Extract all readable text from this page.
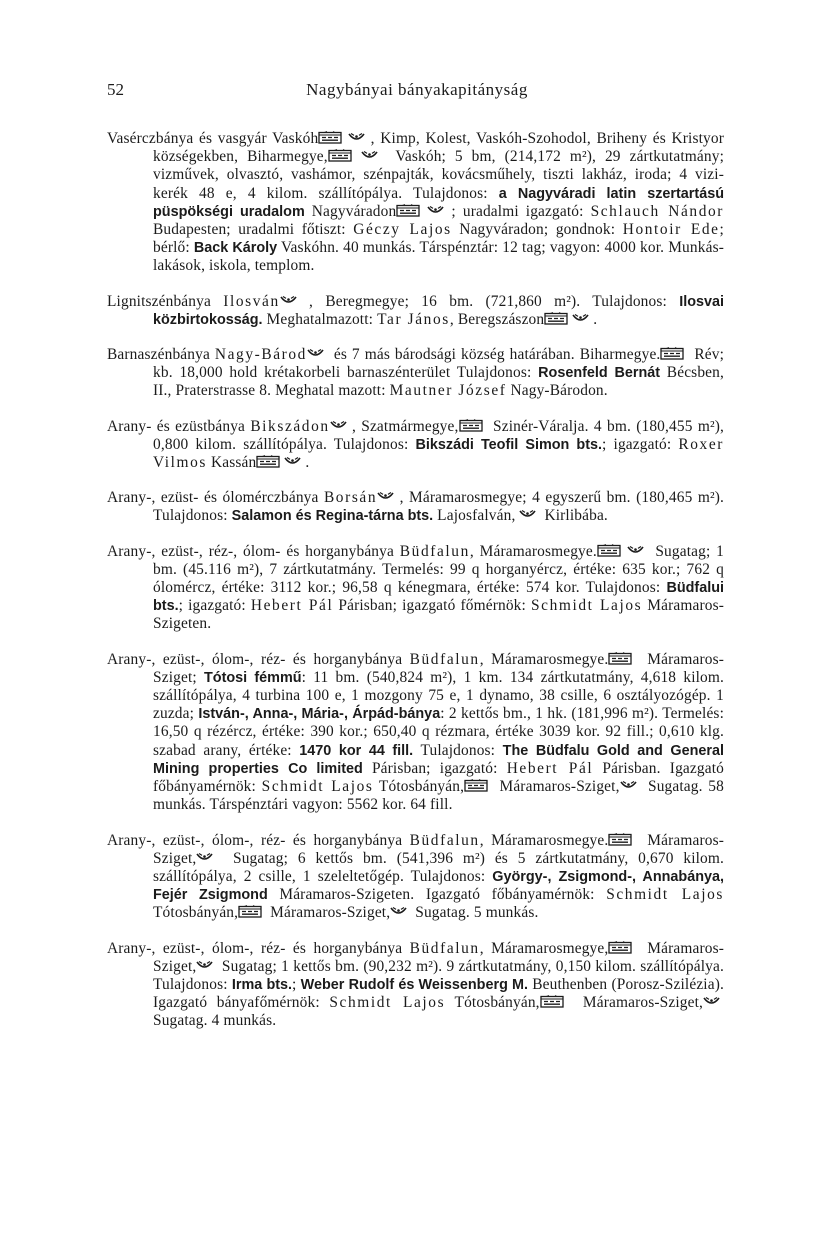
52	Nagybányai bányakapitányság

Vasérczbánya és vasgyár Vaskóh
	, Kimp, Kolest, Vaskóh-Szohodol, Briheny és Kristyor községekben, Biharmegye,
	Vaskóh; 5 bm, (214,172 m²), 29 zártkutatmány; vizművek, olvasztó, vashámor, szénpajták, kovácsműhely, tiszti lakház, iroda; 4 vizi-kerék 48 e, 4 kilom. szállítópálya. Tulajdonos: a Nagyváradi latin szertartású püspökségi uradalom Nagyváradon
	; uradalmi igazgató: Schlauch Nándor Budapesten; uradalmi főtiszt: Géczy Lajos Nagyváradon; gondnok: Hontoir Ede; bérlő: Back Károly Vaskóhn. 40 munkás. Társpénztár: 12 tag; vagyon: 4000 kor. Munkás-lakások, iskola, templom.

Lignitszénbánya Ilosván , Beregmegye; 16 bm. (721,860 m²). Tulajdonos: Ilosvai közbirtokosság. Meghatalmazott: Tar János, Beregszászon
	.

Barnaszénbánya Nagy-Bárod
és 7 más bárodsági község határában. Biharmegye.
Rév; kb. 18,000 hold krétakorbeli barnaszénterület Tulajdonos: Rosenfeld Bernát Bécsben, II., Praterstrasse 8. Meghatal mazott: Mautner József Nagy-Bárodon.

Arany- és ezüstbánya Bikszádon , Szatmármegye,
Szinér-Váralja. 4 bm. (180,455 m²), 0,800 kilom. szállítópálya. Tulajdonos: Bikszádi Teofil Simon bts.; igazgató: Roxer Vilmos Kassán
	.

Arany-, ezüst- és ólomérczbánya Borsán , Máramarosmegye; 4 egyszerű bm. (180,465 m²). Tulajdonos: Salamon és Regina-tárna bts. Lajosfalván,
Kirlibába.

Arany-, ezüst-, réz-, ólom- és horganybánya Büdfalun, Máramarosmegye.
	Sugatag; 1 bm. (45.116 m²), 7 zártkutatmány. Termelés: 99 q horganyércz, értéke: 635 kor.; 762 q ólomércz, értéke: 3112 kor.; 96,58 q kénegmara, értéke: 574 kor. Tulajdonos: Büdfalui bts.; igazgató: Hebert Pál Párisban; igazgató főmérnök: Schmidt Lajos Máramaros-Szigeten.

Arany-, ezüst-, ólom-, réz- és horganybánya Büdfalun, Máramarosmegye.
Máramaros-Sziget; Tótosi fémmű: 11 bm. (540,824 m²), 1 km. 134 zártkutatmány, 4,618 kilom. szállítópálya, 4 turbina 100 e, 1 mozgony 75 e, 1 dynamo, 38 csille, 6 osztályozógép. 1 zuzda; István-, Anna-, Mária-, Árpád-bánya: 2 kettős bm., 1 hk. (181,996 m²). Termelés: 16,50 q rézércz, értéke: 390 kor.; 650,40 q rézmara, értéke 3039 kor. 92 fill.; 0,610 klg. szabad arany, értéke: 1470 kor 44 fill. Tulajdonos: The Büdfalu Gold and General Mining properties Co limited Párisban; igazgató: Hebert Pál Párisban. Igazgató főbányamérnök: Schmidt Lajos Tótosbányán,
Máramaros-Sziget,
Sugatag. 58 munkás. Társpénztári vagyon: 5562 kor. 64 fill.

Arany-, ezüst-, ólom-, réz- és horganybánya Büdfalun, Máramarosmegye.
Máramaros-Sziget,
Sugatag; 6 kettős bm. (541,396 m²) és 5 zártkutatmány, 0,670 kilom. szállítópálya, 2 csille, 1 szeleltetőgép. Tulajdonos: György-, Zsigmond-, Annabánya, Fejér Zsigmond Máramaros-Szigeten. Igazgató főbányamérnök: Schmidt Lajos Tótosbányán,
Máramaros-Sziget,
Sugatag. 5 munkás.

Arany-, ezüst-, ólom-, réz- és horganybánya Büdfalun, Máramarosmegye,
Máramaros-Sziget,
Sugatag; 1 kettős bm. (90,232 m²). 9 zártkutatmány, 0,150 kilom. szállítópálya. Tulajdonos: Irma bts.; Weber Rudolf és Weissenberg M. Beuthenben (Porosz-Szilézia). Igazgató bányafőmérnök: Schmidt Lajos Tótosbányán,
Máramaros-Sziget,
Sugatag. 4 munkás.
